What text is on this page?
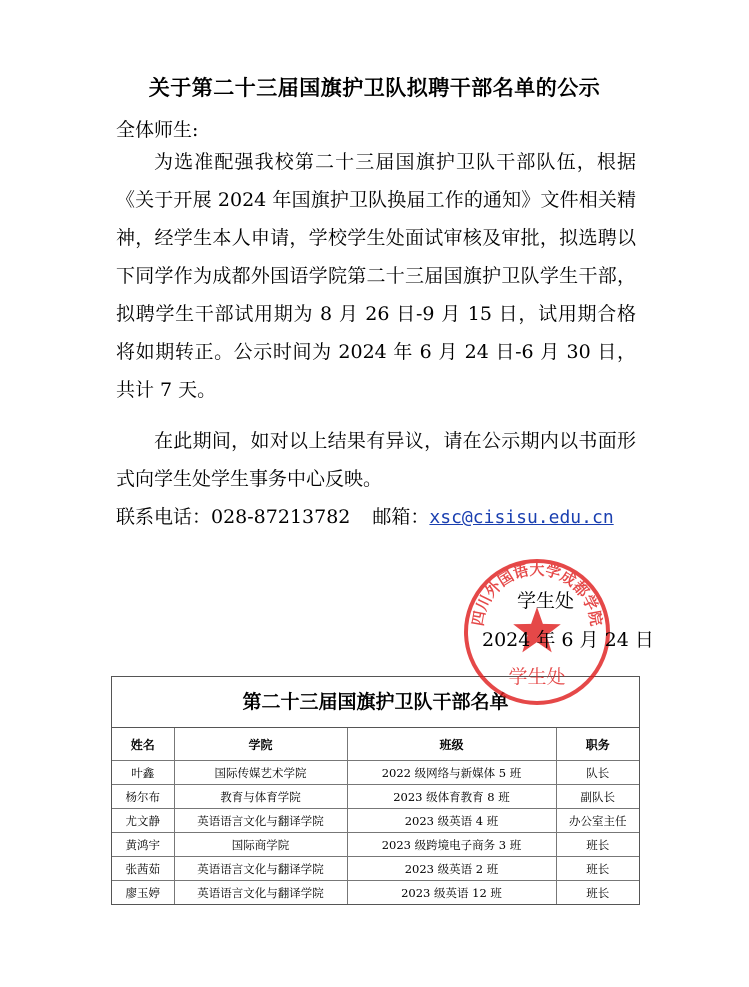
关于第二十三届国旗护卫队拟聘干部名单的公示
全体师生:

为选准配强我校第二十三届国旗护卫队干部队伍，根据《关于开展 2024 年国旗护卫队换届工作的通知》文件相关精神，经学生本人申请，学校学生处面试审核及审批，拟选聘以下同学作为成都外国语学院第二十三届国旗护卫队学生干部，拟聘学生干部试用期为 8 月 26 日-9 月 15 日，试用期合格将如期转正。公示时间为 2024 年 6 月 24 日-6 月 30 日，共计 7 天。

在此期间，如对以上结果有异议，请在公示期内以书面形式向学生处学生事务中心反映。

联系电话：028-87213782 邮箱：xsc@cisisu.edu.cn
四川外国语大学成都学院
学生处
学生处
2024 年 6 月 24 日
第二十三届国旗护卫队干部名单
姓名	学院	班级	职务
叶鑫	国际传媒艺术学院	2022 级网络与新媒体 5 班	队长
杨尔布	教育与体育学院	2023 级体育教育 8 班	副队长
尤文静	英语语言文化与翻译学院	2023 级英语 4 班	办公室主任
黄鸿宇	国际商学院	2023 级跨境电子商务 3 班	班长
张茜茹	英语语言文化与翻译学院	2023 级英语 2 班	班长
廖玉婷	英语语言文化与翻译学院	2023 级英语 12 班	班长
